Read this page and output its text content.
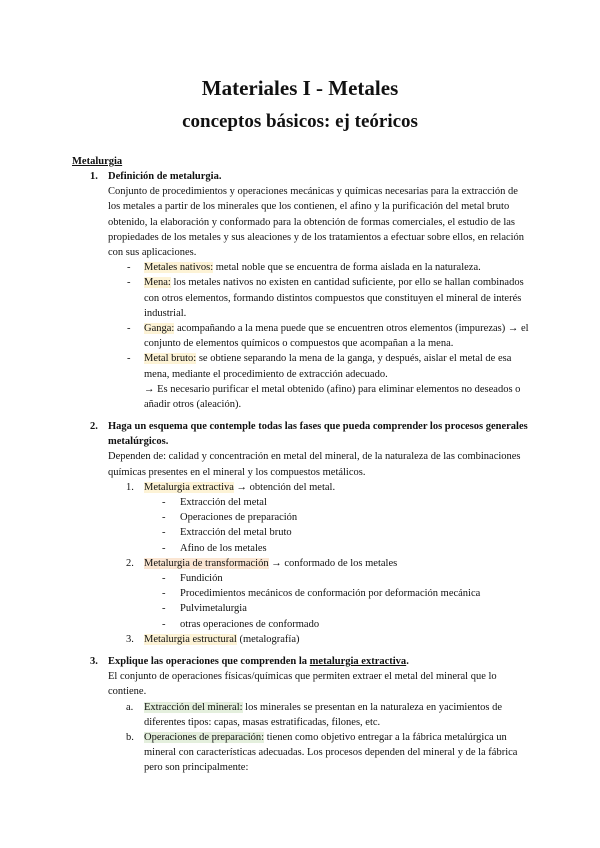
Materiales I - Metales
conceptos básicos: ej teóricos
Metalurgia
1. Definición de metalurgia.
Conjunto de procedimientos y operaciones mecánicas y químicas necesarias para la extracción de los metales a partir de los minerales que los contienen, el afino y la purificación del metal bruto obtenido, la elaboración y conformado para la obtención de formas comerciales, el estudio de las propiedades de los metales y sus aleaciones y de los tratamientos a efectuar sobre ellos, en relación con sus aplicaciones.
- Metales nativos: metal noble que se encuentra de forma aislada en la naturaleza.
- Mena: los metales nativos no existen en cantidad suficiente, por ello se hallan combinados con otros elementos, formando distintos compuestos que constituyen el mineral de interés industrial.
- Ganga: acompañando a la mena puede que se encuentren otros elementos (impurezas) → el conjunto de elementos químicos o compuestos que acompañan a la mena.
- Metal bruto: se obtiene separando la mena de la ganga, y después, aislar el metal de esa mena, mediante el procedimiento de extracción adecuado.
→ Es necesario purificar el metal obtenido (afino) para eliminar elementos no deseados o añadir otros (aleación).
2. Haga un esquema que contemple todas las fases que pueda comprender los procesos generales metalúrgicos.
Dependen de: calidad y concentración en metal del mineral, de la naturaleza de las combinaciones químicas presentes en el mineral y los compuestos metálicos.
1. Metalurgia extractiva → obtención del metal.
- Extracción del metal
- Operaciones de preparación
- Extracción del metal bruto
- Afino de los metales
2. Metalurgia de transformación → conformado de los metales
- Fundición
- Procedimientos mecánicos de conformación por deformación mecánica
- Pulvimetalurgia
- otras operaciones de conformado
3. Metalurgia estructural (metalografía)
3. Explique las operaciones que comprenden la metalurgia extractiva.
El conjunto de operaciones físicas/químicas que permiten extraer el metal del mineral que lo contiene.
a. Extracción del mineral: los minerales se presentan en la naturaleza en yacimientos de diferentes tipos: capas, masas estratificadas, filones, etc.
b. Operaciones de preparación: tienen como objetivo entregar a la fábrica metalúrgica un mineral con características adecuadas. Los procesos dependen del mineral y de la fábrica pero son principalmente:
